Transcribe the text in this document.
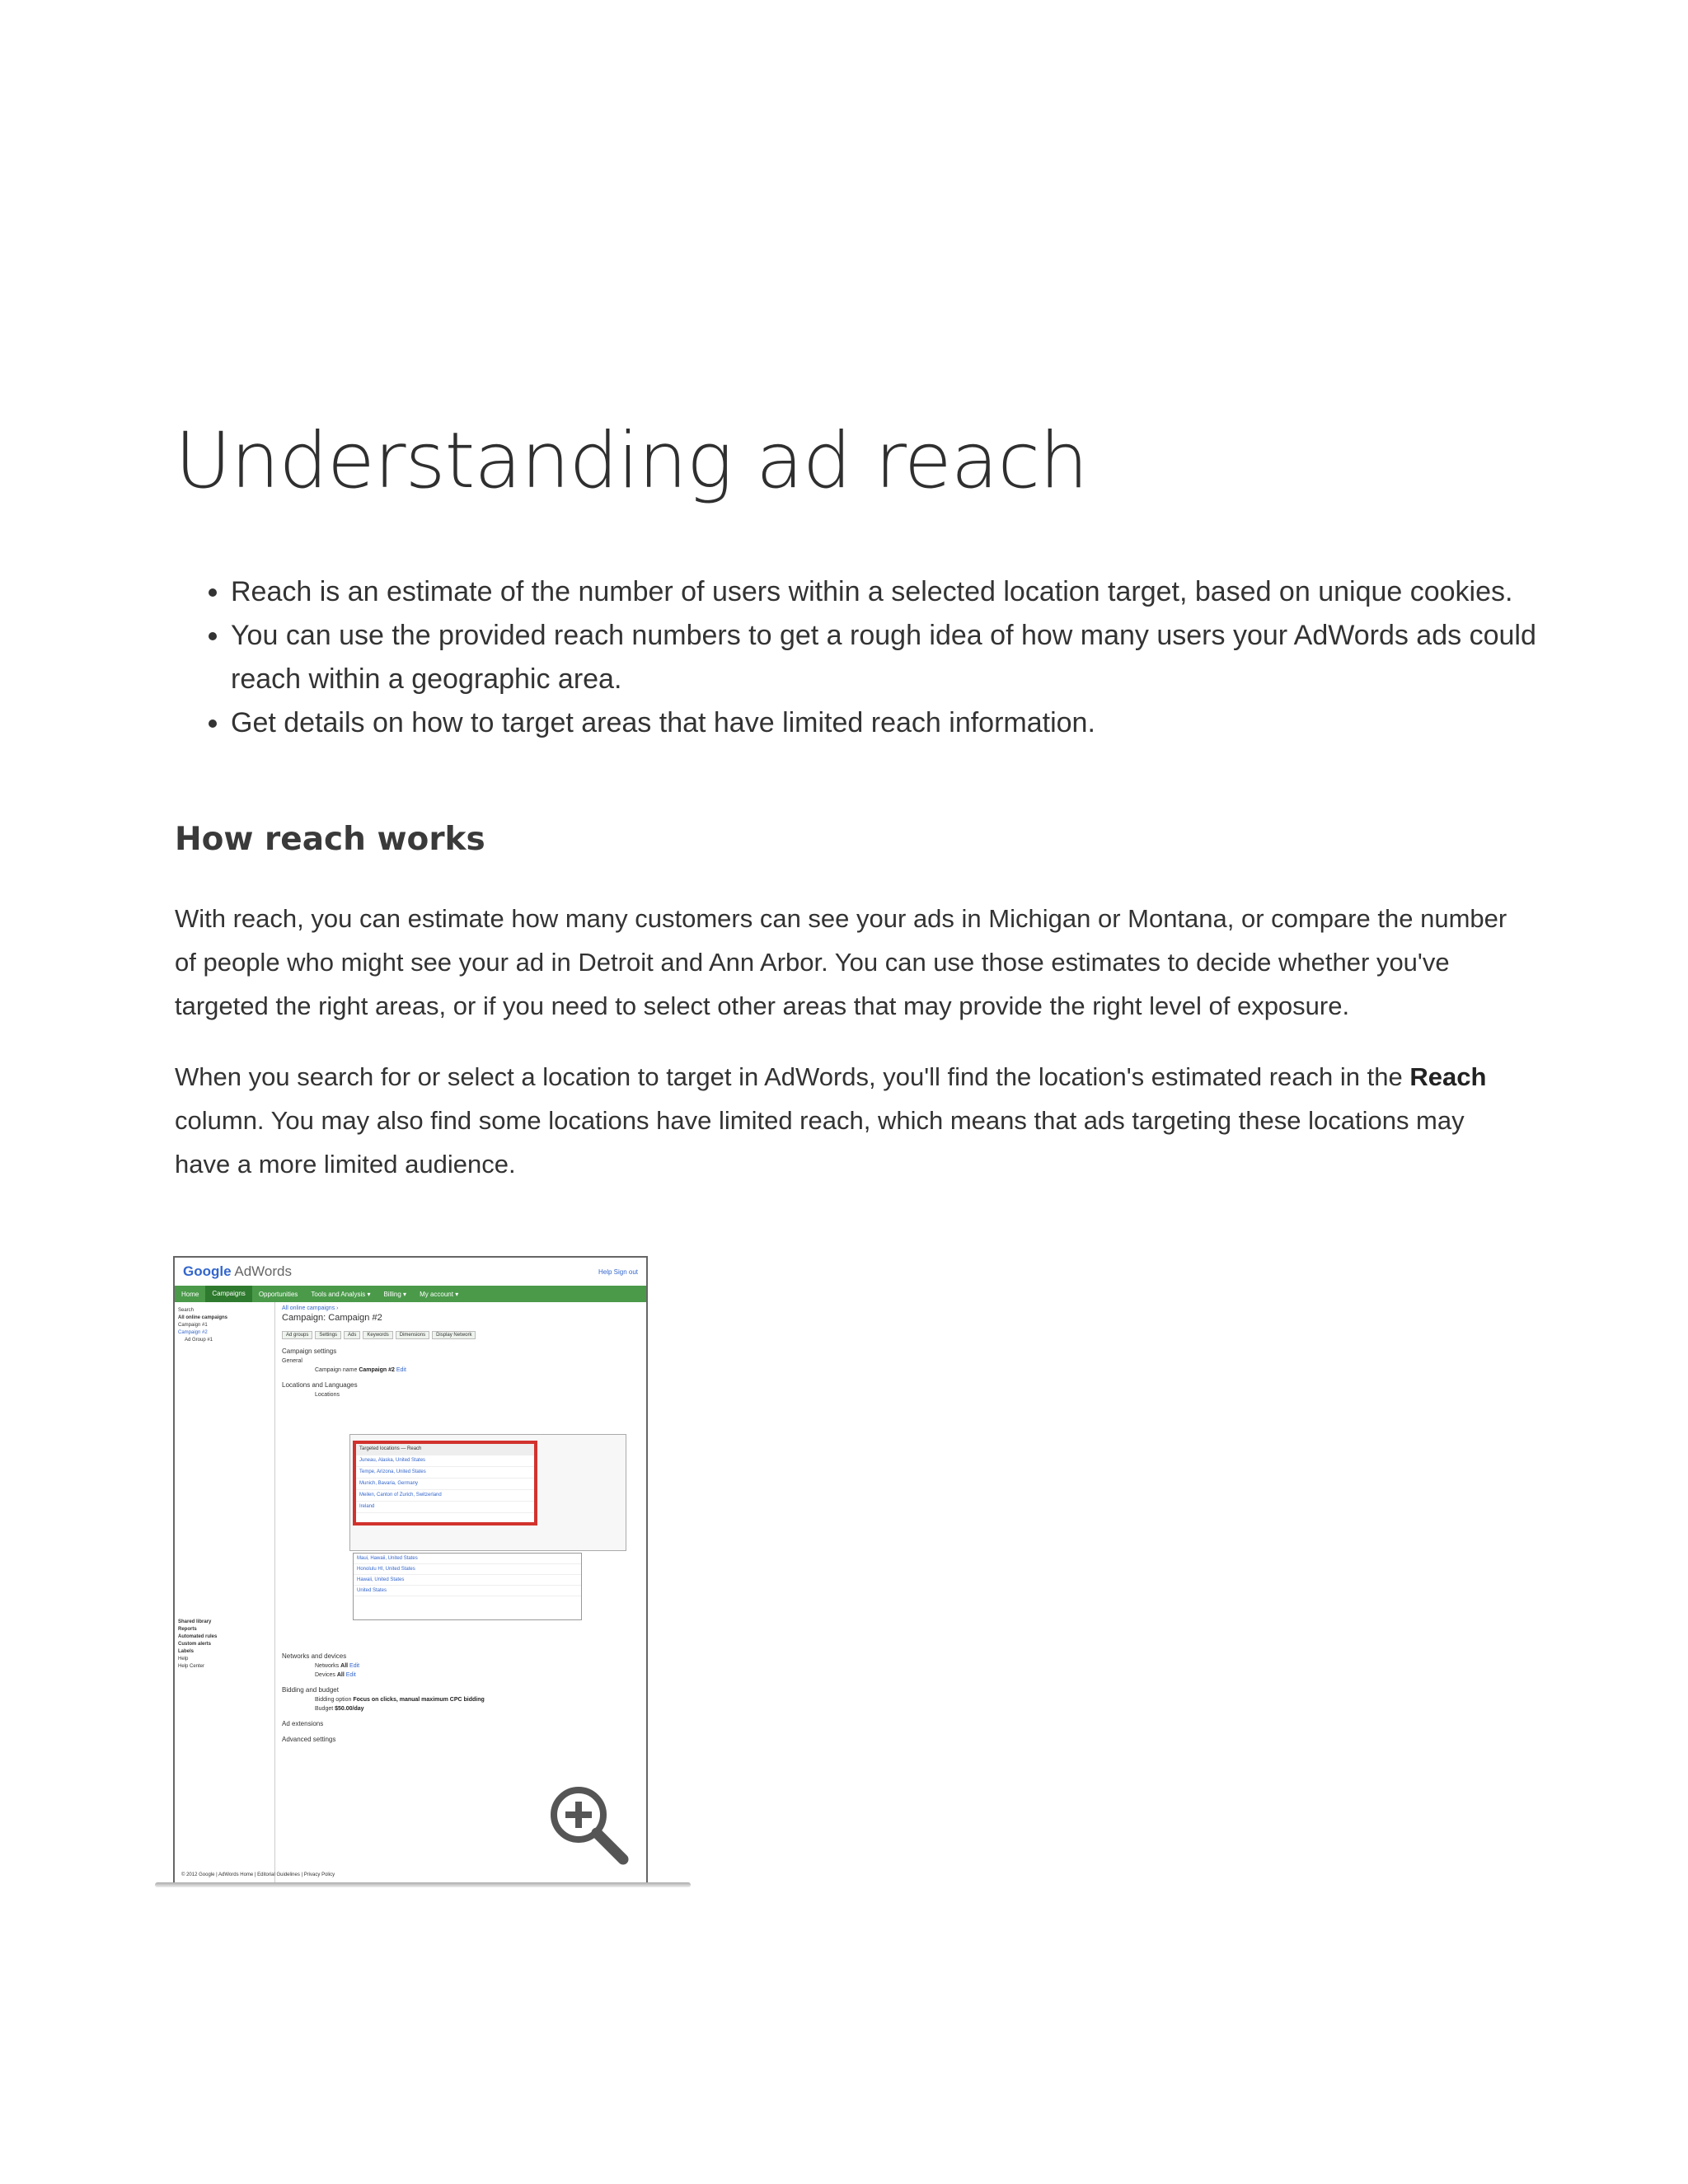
Understanding ad reach
• Reach is an estimate of the number of users within a selected location target, based on unique cookies.
• You can use the provided reach numbers to get a rough idea of how many users your AdWords ads could reach within a geographic area.
• Get details on how to target areas that have limited reach information.
How reach works

With reach, you can estimate how many customers can see your ads in Michigan or Montana, or compare the number of people who might see your ad in Detroit and Ann Arbor. You can use those estimates to decide whether you've targeted the right areas, or if you need to select other areas that may provide the right level of exposure.

When you search for or select a location to target in AdWords, you'll find the location's estimated reach in the Reach column. You may also find some locations have limited reach, which means that ads targeting these locations may have a more limited audience.

Google AdWords	Help Sign out
Home	Campaigns	Opportunities	Tools and Analysis ▾	Billing ▾	My account ▾
Search
All online campaigns
Campaign #1
Campaign #2
Ad Group #1
Shared library
Reports
Automated rules
Custom alerts
Labels
Help
Help Center
All online campaigns ›
Campaign: Campaign #2
Ad groups	Settings	Ads	Keywords	Dimensions	Display Network
Campaign settings
General
Campaign name Campaign #2 Edit
Locations and Languages
Locations
Targeted locations — Reach
Juneau, Alaska, United States
Tempe, Arizona, United States
Munich, Bavaria, Germany
Meilen, Canton of Zurich, Switzerland
Ireland
Maui, Hawaii, United States
Honolulu HI, United States
Hawaii, United States
United States
Networks and devices
Networks All Edit
Devices All Edit
Bidding and budget
Bidding option Focus on clicks, manual maximum CPC bidding
Budget $50.00/day
Ad extensions
Advanced settings
© 2012 Google | AdWords Home | Editorial Guidelines | Privacy Policy
